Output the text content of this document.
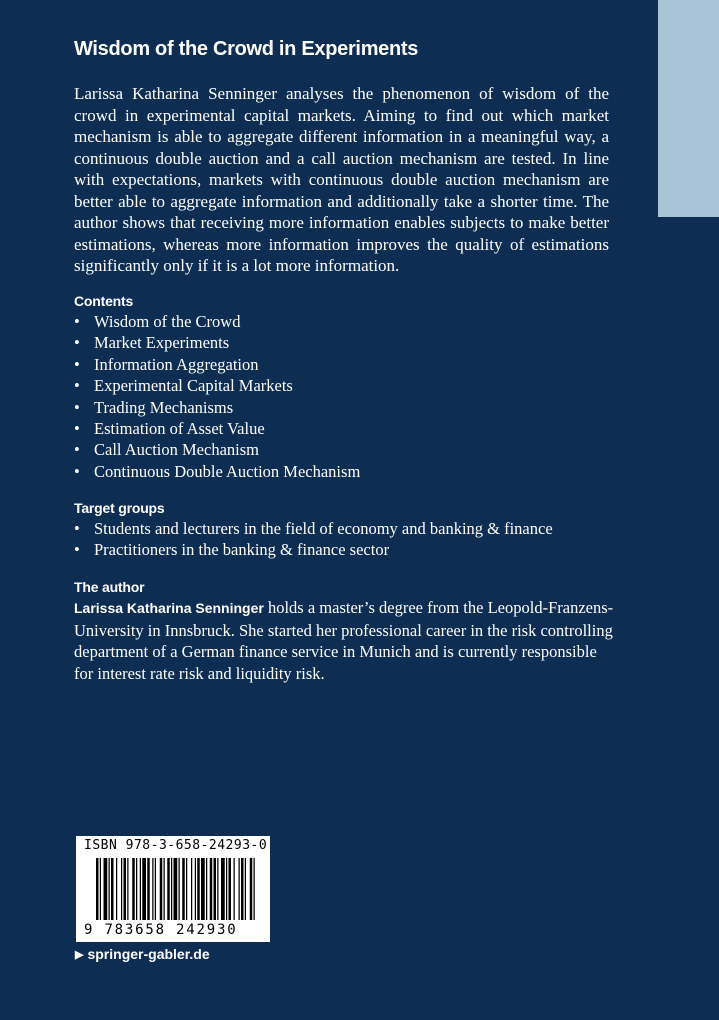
Wisdom of the Crowd in Experiments

Larissa Katharina Senninger analyses the phenomenon of wisdom of the crowd in experimental capital markets. Aiming to find out which market mechanism is able to aggregate different information in a meaningful way, a continuous double auction and a call auction mechanism are tested. In line with expectations, markets with continuous double auction mechanism are better able to aggregate information and additionally take a shorter time. The author shows that receiving more information enables subjects to make better estimations, whereas more information improves the quality of estimations significantly only if it is a lot more information.

Contents
• Wisdom of the Crowd
• Market Experiments
• Information Aggregation
• Experimental Capital Markets
• Trading Mechanisms
• Estimation of Asset Value
• Call Auction Mechanism
• Continuous Double Auction Mechanism
Target groups
• Students and lecturers in the field of economy and banking & finance
• Practitioners in the banking & finance sector
The author

Larissa Katharina Senninger holds a master’s degree from the Leopold-Franzens-University in Innsbruck. She started her professional career in the risk controlling department of a German finance service in Munich and is currently responsible for interest rate risk and liquidity risk.

ISBN 978-3-658-24293-0
9 783658 242930
▶ springer-gabler.de
